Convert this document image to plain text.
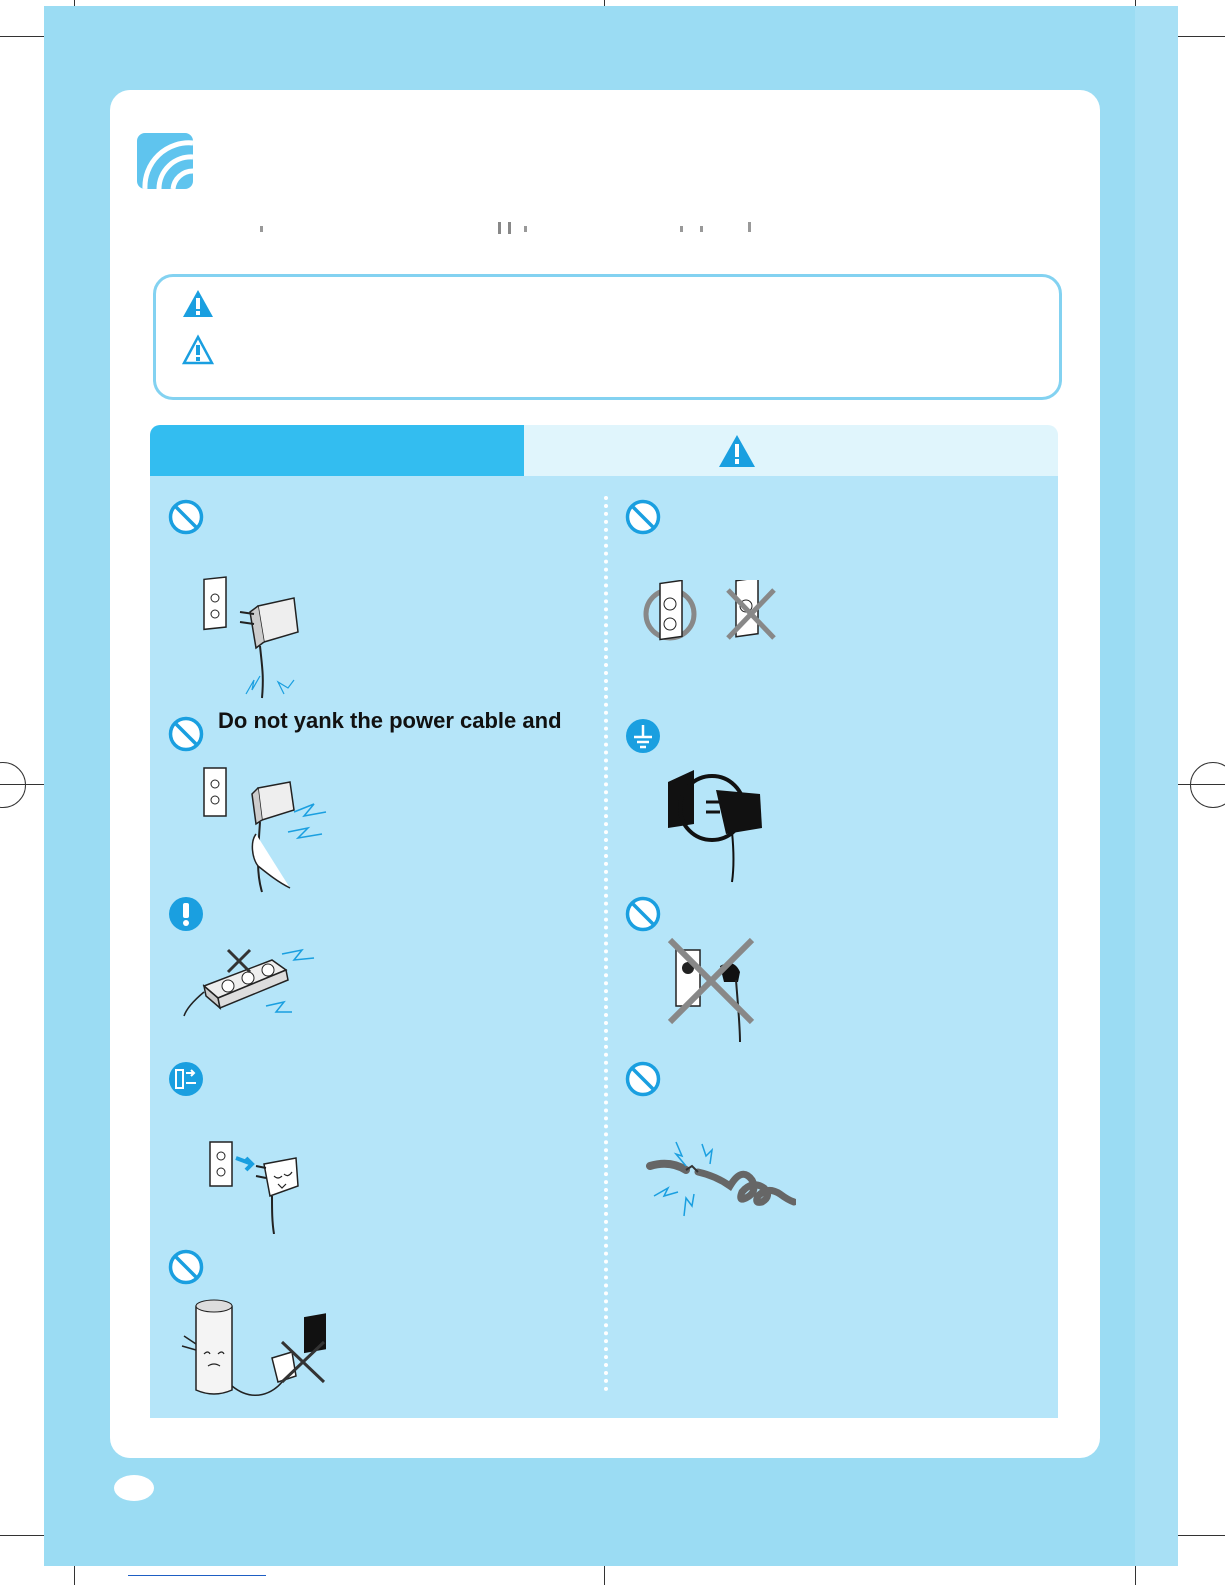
Do not yank the power cable and
